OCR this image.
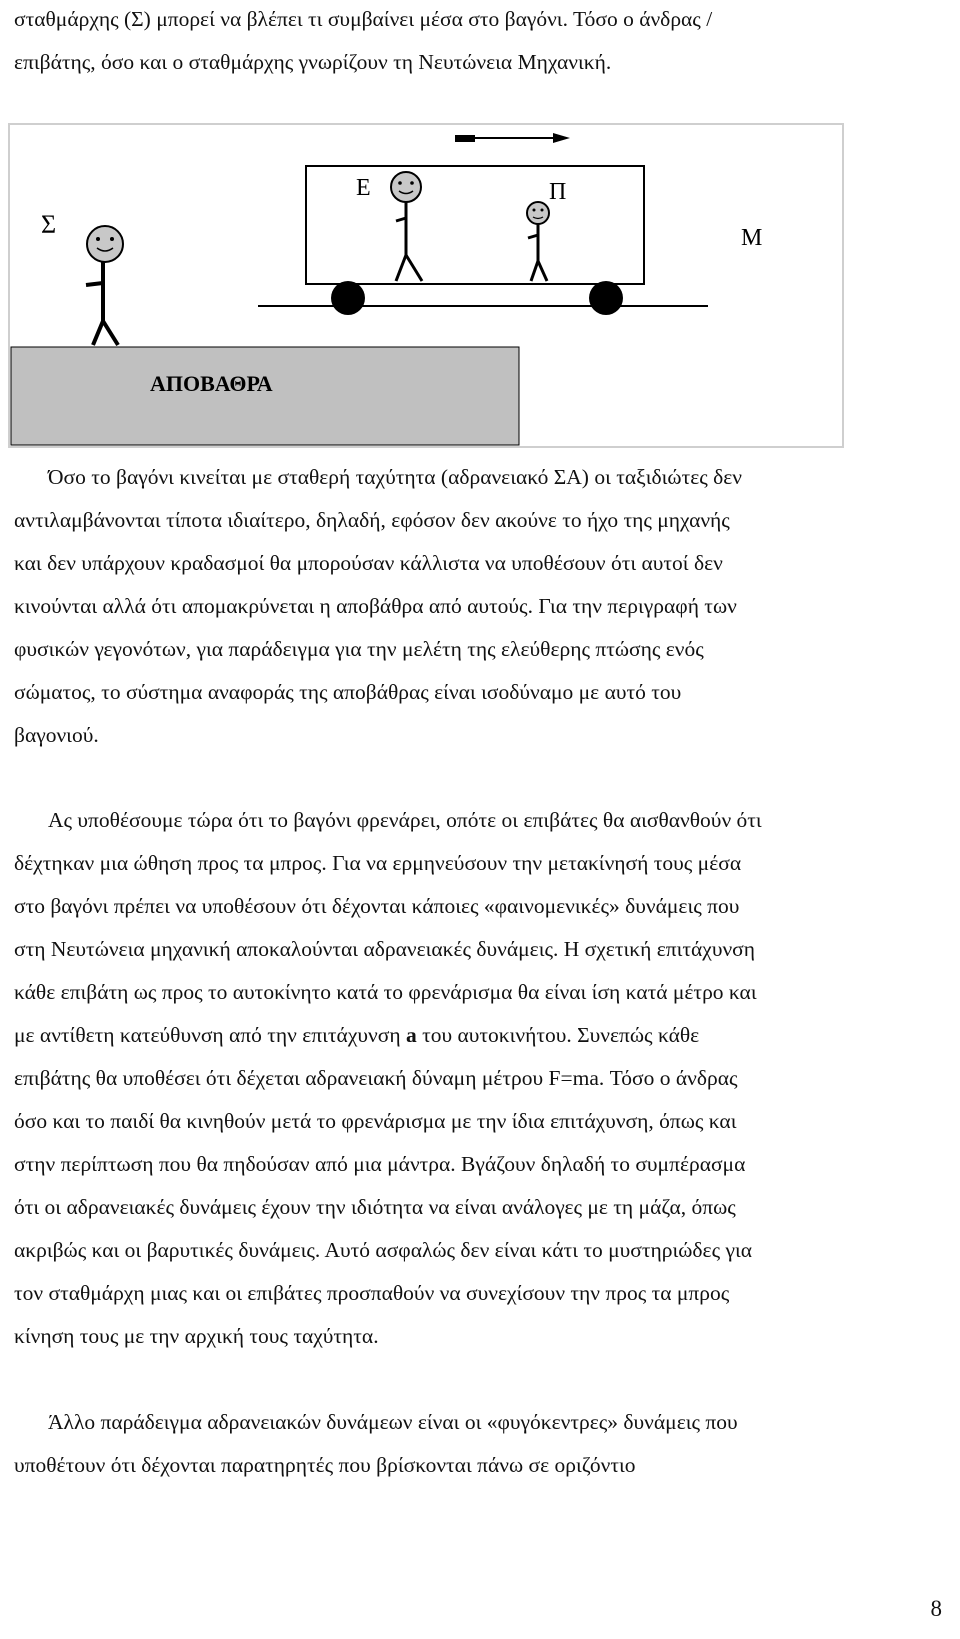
σταθμάρχης (Σ) μπορεί να βλέπει τι συμβαίνει μέσα στο βαγόνι. Τόσο ο άνδρας /
επιβάτης, όσο και ο σταθμάρχης γνωρίζουν τη Νευτώνεια Μηχανική.
Σ
Ε	Π
Μ
ΑΠΟΒΑΘΡΑ
Όσο το βαγόνι κινείται με σταθερή ταχύτητα (αδρανειακό ΣΑ) οι ταξιδιώτες δεν
αντιλαμβάνονται τίποτα ιδιαίτερο, δηλαδή, εφόσον δεν ακούνε το ήχο της μηχανής
και δεν υπάρχουν κραδασμοί θα μπορούσαν κάλλιστα να υποθέσουν ότι αυτοί δεν
κινούνται αλλά ότι απομακρύνεται η αποβάθρα από αυτούς. Για την περιγραφή των
φυσικών γεγονότων, για παράδειγμα για την μελέτη της ελεύθερης πτώσης ενός
σώματος, το σύστημα αναφοράς της αποβάθρας είναι ισοδύναμο με αυτό του
βαγονιού.
Ας υποθέσουμε τώρα ότι το βαγόνι φρενάρει, οπότε οι επιβάτες θα αισθανθούν ότι
δέχτηκαν μια ώθηση προς τα μπρος. Για να ερμηνεύσουν την μετακίνησή τους μέσα
στο βαγόνι πρέπει να υποθέσουν ότι δέχονται κάποιες «φαινομενικές» δυνάμεις που
στη Νευτώνεια μηχανική αποκαλούνται αδρανειακές δυνάμεις. Η σχετική επιτάχυνση
κάθε επιβάτη ως προς το αυτοκίνητο κατά το φρενάρισμα θα είναι ίση κατά μέτρο και
με αντίθετη κατεύθυνση από την επιτάχυνση a του αυτοκινήτου. Συνεπώς κάθε
επιβάτης θα υποθέσει ότι δέχεται αδρανειακή δύναμη μέτρου F=ma. Τόσο ο άνδρας
όσο και το παιδί θα κινηθούν μετά το φρενάρισμα με την ίδια επιτάχυνση, όπως και
στην περίπτωση που θα πηδούσαν από μια μάντρα. Βγάζουν δηλαδή το συμπέρασμα
ότι οι αδρανειακές δυνάμεις έχουν την ιδιότητα να είναι ανάλογες με τη μάζα, όπως
ακριβώς και οι βαρυτικές δυνάμεις. Αυτό ασφαλώς δεν είναι κάτι το μυστηριώδες για
τον σταθμάρχη μιας και οι επιβάτες προσπαθούν να συνεχίσουν την προς τα μπρος
κίνηση τους με την αρχική τους ταχύτητα.
Άλλο παράδειγμα αδρανειακών δυνάμεων είναι οι «φυγόκεντρες» δυνάμεις που
υποθέτουν ότι δέχονται παρατηρητές που βρίσκονται πάνω σε οριζόντιο
8
